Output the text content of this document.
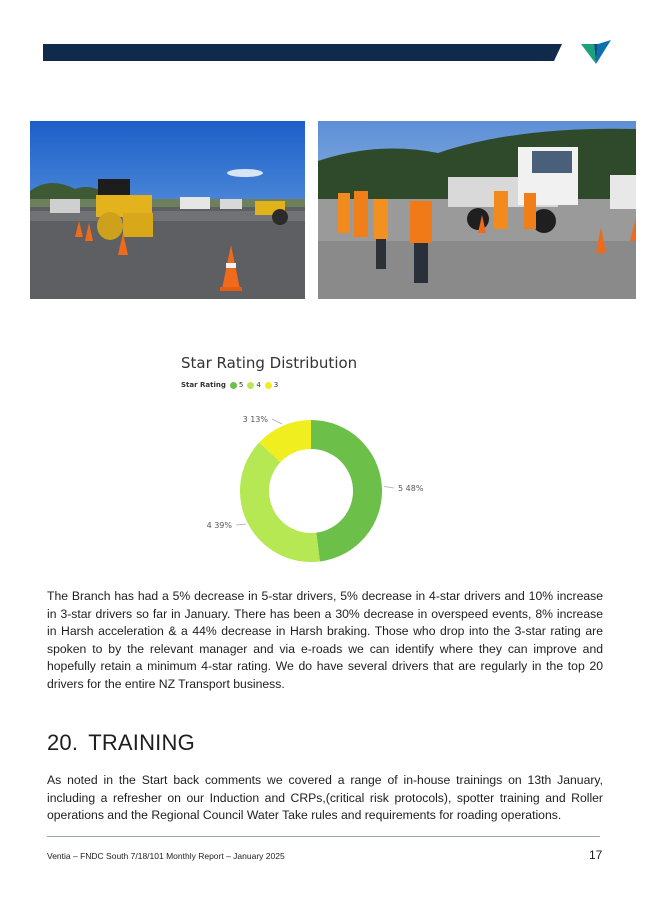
Star Rating Distribution
Star Rating 5 4 3
5 48%
4 39%
3 13%

The Branch has had a 5% decrease in 5-star drivers, 5% decrease in 4-star drivers and 10% increase in 3-star drivers so far in January. There has been a 30% decrease in overspeed events, 8% increase in Harsh acceleration & a 44% decrease in Harsh braking. Those who drop into the 3-star rating are spoken to by the relevant manager and via e-roads we can identify where they can improve and hopefully retain a minimum 4-star rating. We do have several drivers that are regularly in the top 20 drivers for the entire NZ Transport business.

20. TRAINING

As noted in the Start back comments we covered a range of in-house trainings on 13th January, including a refresher on our Induction and CRPs,(critical risk protocols), spotter training and Roller operations and the Regional Council Water Take rules and requirements for roading operations.

Ventia – FNDC South 7/18/101 Monthly Report – January 2025	17
